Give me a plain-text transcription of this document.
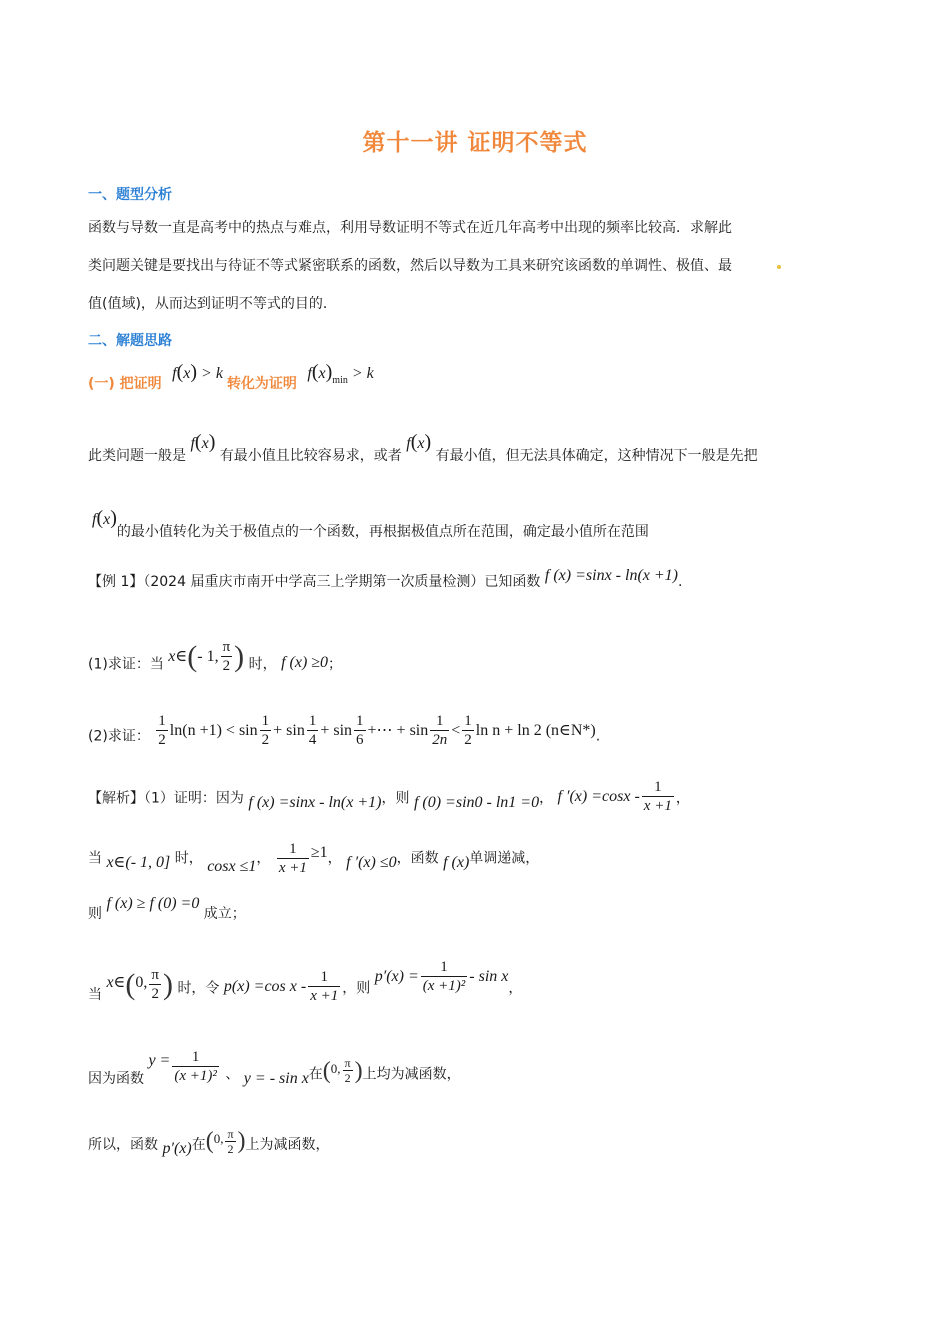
第十一讲 证明不等式
一、题型分析
函数与导数一直是高考中的热点与难点，利用导数证明不等式在近几年高考中出现的频率比较高．求解此
类问题关键是要找出与待证不等式紧密联系的函数，然后以导数为工具来研究该函数的单调性、极值、最
值(值域)，从而达到证明不等式的目的．
二、解题思路
(一) 把证明 f(x) > k 转化为证明 $f(x)_{min} > k$
此类问题一般是 f(x) 有最小值且比较容易求，或者 f(x) 有最小值，但无法具体确定，这种情况下一般是先把
f(x)的最小值转化为关于极值点的一个函数，再根据极值点所在范围，确定最小值所在范围
【例 1】（2024 届重庆市南开中学高三上学期第一次质量检测）已知函数 f (x) =sinx - ln(x +1).
(1)求证：当 x∈(- 1, $\frac{\pi}{2}$ ) 时， f (x) ≥0；
(2)求证： $\frac{1}{2} \ln(n +1) < \sin \frac{1}{2} + \sin \frac{1}{4} + \sin \frac{1}{6}$ +⋯ + $\sin \frac{1}{2n} < \frac{1}{2}$ ln n + ln 2 (n∈N*).
【解析】（1）证明：因为 f (x) =sinx - ln(x +1)，则 f (0) =sin0 - ln1 =0， f $'(x) =\cos x - \frac{1}{x +1}$ ，
当 x∈(- 1, 0] 时， cosx ≤1， $\frac{1}{x +1} \ge 1$， f ′(x) ≤0，函数 f (x)单调递减，
则 f (x) ≥ f (0) =0 成立；
当 x∈(0, $\frac{\pi}{2}$ ) 时，令 p(x) =cos x - $\frac{1}{x +1}$ ，则 $p'(x) = \frac{1}{\text{(x +1)²}} - \sin x$，
因为函数 $y = \frac{1}{\text{(x +1)²}}$ 、 y = - sin x在(0, $\frac{\pi}{2}$ )上均为减函数，
所以，函数 p′(x)在(0, $\frac{\pi}{2}$ )上为减函数，
